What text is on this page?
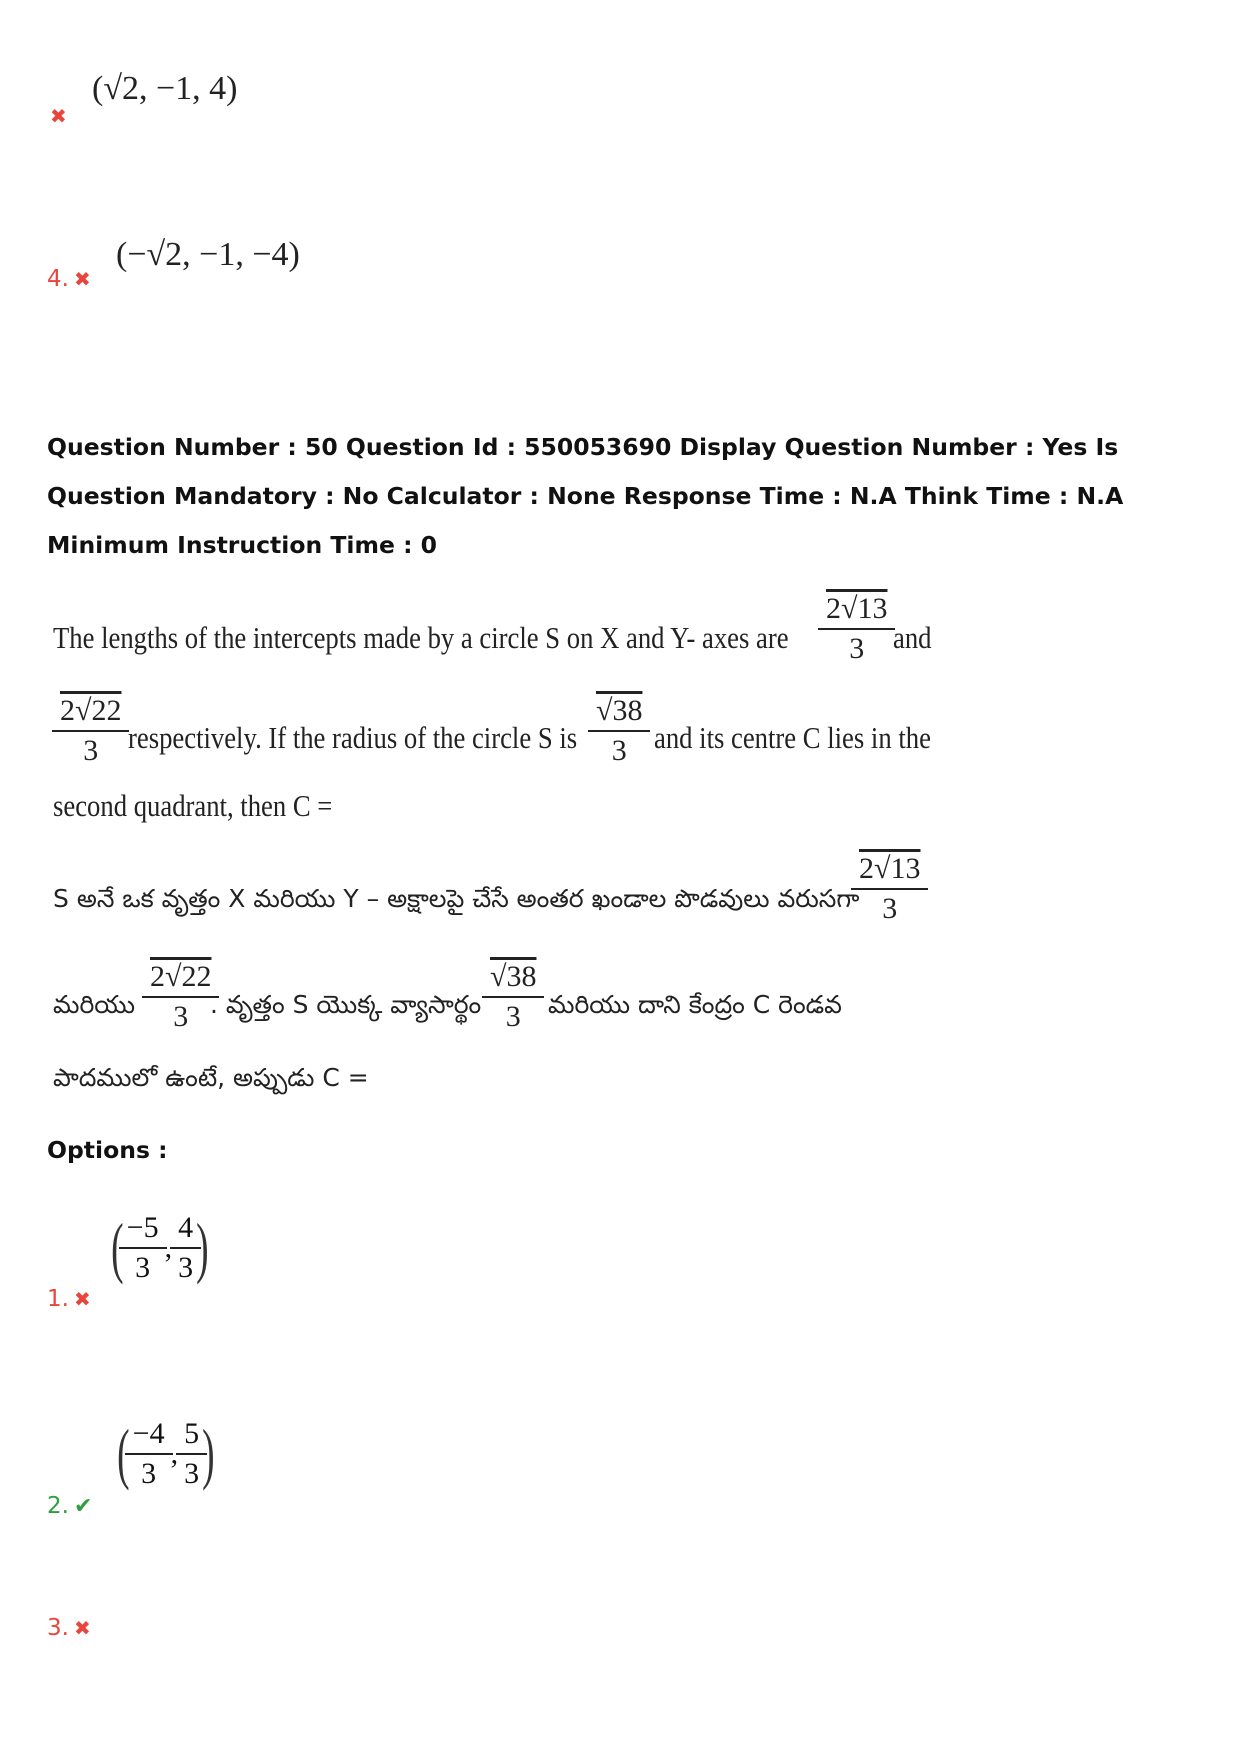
✖
(√2, −1, 4)
4. ✖
(−√2, −1, −4)
Question Number : 50 Question Id : 550053690 Display Question Number : Yes Is Question Mandatory : No Calculator : None Response Time : N.A Think Time : N.A Minimum Instruction Time : 0
The lengths of the intercepts made by a circle S on X and Y- axes are $\frac{2√13}{3}$ and
$\frac{2√22}{3}$ respectively. If the radius of the circle S is $\frac{√38}{3}$ and its centre C lies in the
second quadrant, then C =
S అనే ఒక వృత్తం X మరియు Y – అక్షాలపై చేసే అంతర ఖండాల పొడవులు వరుసగా
$\frac{2√13}{3}$
మరియు $\frac{2√22}{3}$
. వృత్తం S యొక్క వ్యాసార్థం $\frac{√38}{3}$ మరియు దాని కేంద్రం C రెండవ
పాదములో ఉంటే, అప్పుడు C =
Options :
1. ✖
( $\frac{-5}{3}$ , $\frac{4}{3}$ )
2. ✔
( $\frac{-4}{3}$ , $\frac{5}{3}$ )
3. ✖
